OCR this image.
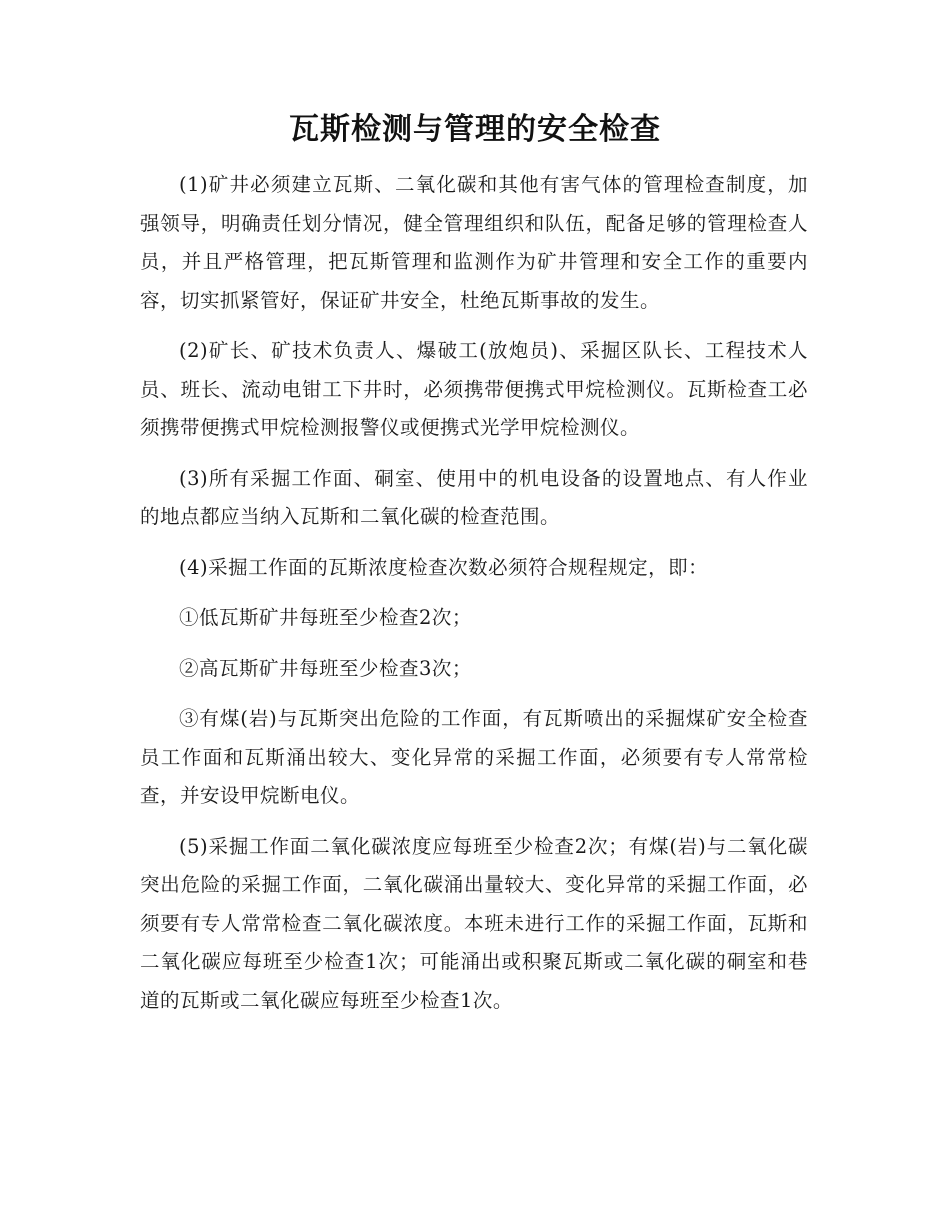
瓦斯检测与管理的安全检查

(1)矿井必须建立瓦斯、二氧化碳和其他有害气体的管理检查制度，加强领导，明确责任划分情况，健全管理组织和队伍，配备足够的管理检查人员，并且严格管理，把瓦斯管理和监测作为矿井管理和安全工作的重要内容，切实抓紧管好，保证矿井安全，杜绝瓦斯事故的发生。

(2)矿长、矿技术负责人、爆破工(放炮员)、采掘区队长、工程技术人员、班长、流动电钳工下井时，必须携带便携式甲烷检测仪。瓦斯检查工必须携带便携式甲烷检测报警仪或便携式光学甲烷检测仪。

(3)所有采掘工作面、硐室、使用中的机电设备的设置地点、有人作业的地点都应当纳入瓦斯和二氧化碳的检查范围。

(4)采掘工作面的瓦斯浓度检查次数必须符合规程规定，即：

①低瓦斯矿井每班至少检查2次；

②高瓦斯矿井每班至少检查3次；

③有煤(岩)与瓦斯突出危险的工作面，有瓦斯喷出的采掘煤矿安全检查员工作面和瓦斯涌出较大、变化异常的采掘工作面，必须要有专人常常检查，并安设甲烷断电仪。

(5)采掘工作面二氧化碳浓度应每班至少检查2次；有煤(岩)与二氧化碳突出危险的采掘工作面，二氧化碳涌出量较大、变化异常的采掘工作面，必须要有专人常常检查二氧化碳浓度。本班未进行工作的采掘工作面，瓦斯和二氧化碳应每班至少检查1次；可能涌出或积聚瓦斯或二氧化碳的硐室和巷道的瓦斯或二氧化碳应每班至少检查1次。
